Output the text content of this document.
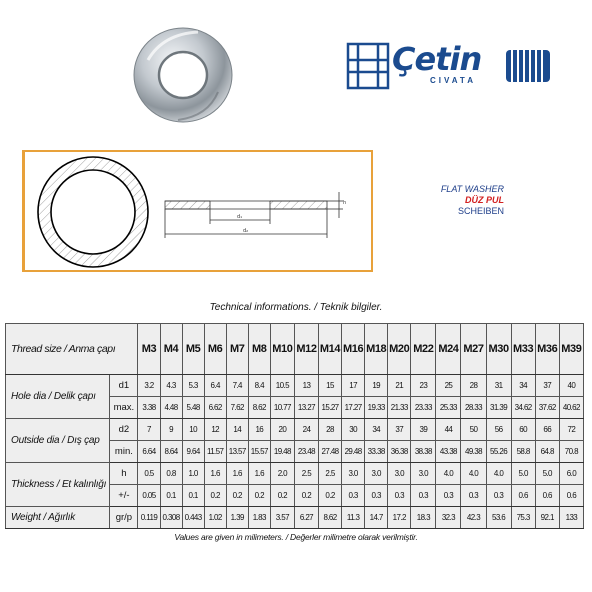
Çetin
CIVATA
d₁
d₂
h
FLAT WASHER
DÜZ PUL
SCHEIBEN
Technical informations. / Teknik bilgiler.
Thread size / Anma çapı		M3	M4	M5	M6	M7	M8	M10	M12	M14	M16	M18	M20	M22	M24	M27	M30	M33	M36	M39
Hole dia / Delik çapı	d1	3.2	4.3	5.3	6.4	7.4	8.4	10.5	13	15	17	19	21	23	25	28	31	34	37	40
	max.	3.38	4.48	5.48	6.62	7.62	8.62	10.77	13.27	15.27	17.27	19.33	21.33	23.33	25.33	28.33	31.39	34.62	37.62	40.62
Outside dia / Dış çap	d2	7	9	10	12	14	16	20	24	28	30	34	37	39	44	50	56	60	66	72
	min.	6.64	8.64	9.64	11.57	13.57	15.57	19.48	23.48	27.48	29.48	33.38	36.38	38.38	43.38	49.38	55.26	58.8	64.8	70.8
Thickness / Et kalınlığı	h	0.5	0.8	1.0	1.6	1.6	1.6	2.0	2.5	2.5	3.0	3.0	3.0	3.0	4.0	4.0	4.0	5.0	5.0	6.0
	+/-	0.05	0.1	0.1	0.2	0.2	0.2	0.2	0.2	0.2	0.3	0.3	0.3	0.3	0.3	0.3	0.3	0.6	0.6	0.6
Weight / Ağırlık	gr/p	0.119	0.308	0.443	1.02	1.39	1.83	3.57	6.27	8.62	11.3	14.7	17.2	18.3	32.3	42.3	53.6	75.3	92.1	133
Values are given in milimeters. / Değerler milimetre olarak verilmiştir.
